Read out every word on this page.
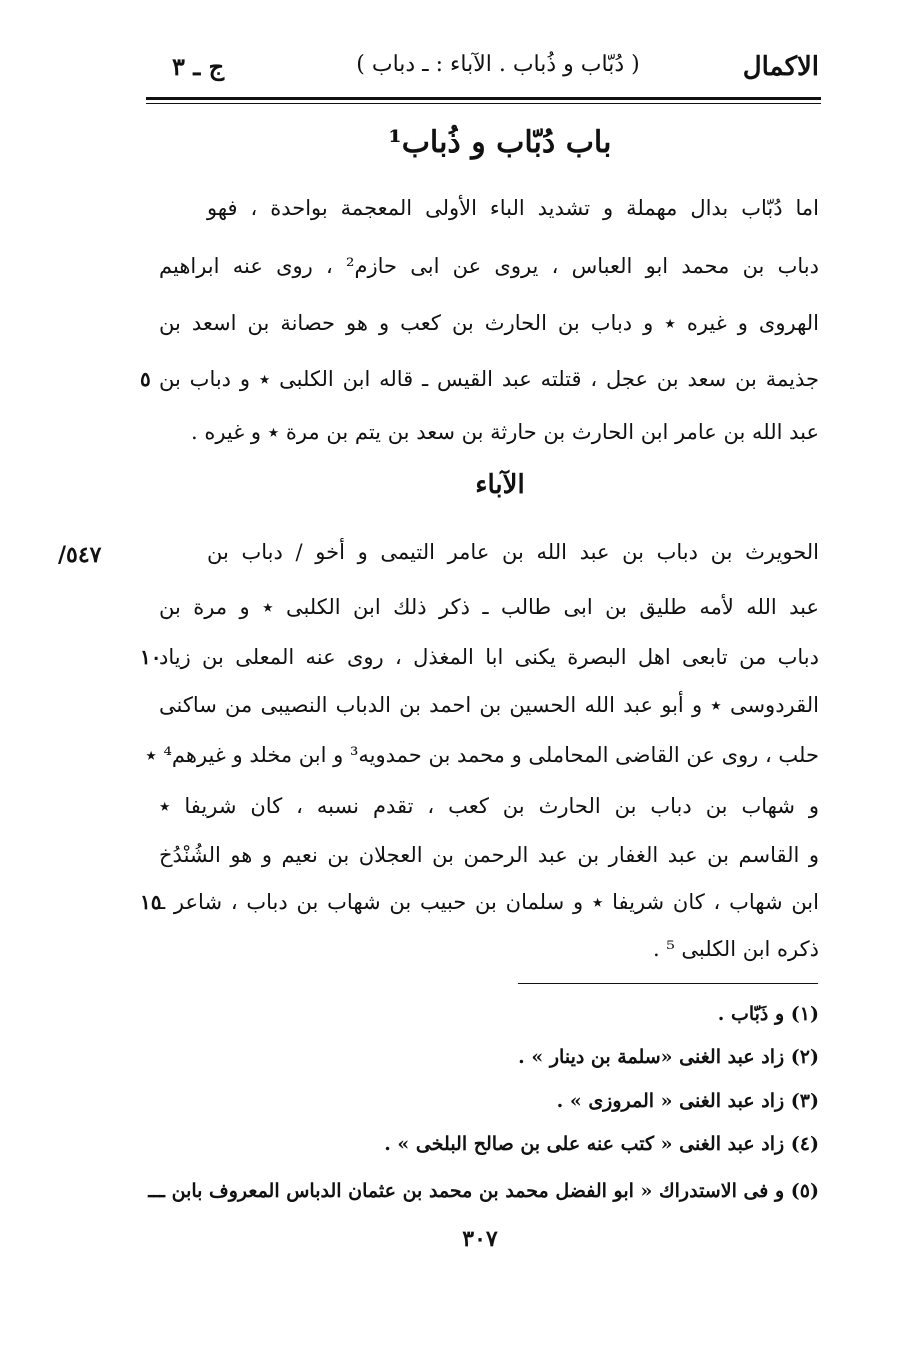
الاكمال
( دُبّاب و ذُباب . الآباء : ـ دباب )
ج ـ ٣
باب دُبّاب و ذُباب¹
اما دُبّاب بدال مهملة و تشديد الباء الأولى المعجمة بواحدة ، فهو
دباب بن محمد ابو العباس ، يروى عن ابى حازم² ، روى عنه ابراهيم
الهروى و غيره ٭ و دباب بن الحارث بن كعب و هو حصانة بن اسعد بن
جذيمة بن سعد بن عجل ، قتلته عبد القيس ـ قاله ابن الكلبى ٭ و دباب بن
عبد الله بن عامر ابن الحارث بن حارثة بن سعد بن يتم بن مرة ٭ و غيره .
٥
الآباء
٥٤٧/	الحويرث بن دباب بن عبد الله بن عامر التيمى و أخو / دباب بن
عبد الله لأمه طليق بن ابى طالب ـ ذكر ذلك ابن الكلبى ٭ و مرة بن
دباب من تابعى اهل البصرة يكنى ابا المغذل ، روى عنه المعلى بن زياد
القردوسى ٭ و أبو عبد الله الحسين بن احمد بن الدباب النصيبى من ساكنى
حلب ، روى عن القاضى المحاملى و محمد بن حمدويه³ و ابن مخلد و غيرهم⁴ ٭
و شهاب بن دباب بن الحارث بن كعب ، تقدم نسبه ، كان شريفا ٭
و القاسم بن عبد الغفار بن عبد الرحمن بن العجلان بن نعيم و هو الشُنْدُخ
ابن شهاب ، كان شريفا ٭ و سلمان بن حبيب بن شهاب بن دباب ، شاعر ـ
ذكره ابن الكلبى ⁵ .
١٠
١٥
(١) و ذَبّاب .
(٢) زاد عبد الغنى «سلمة بن دينار » .
(٣) زاد عبد الغنى « المروزى » .
(٤) زاد عبد الغنى « كتب عنه على بن صالح البلخى » .
(٥) و فى الاستدراك « ابو الفضل محمد بن محمد بن عثمان الدباس المعروف بابن ـــ
٣٠٧
